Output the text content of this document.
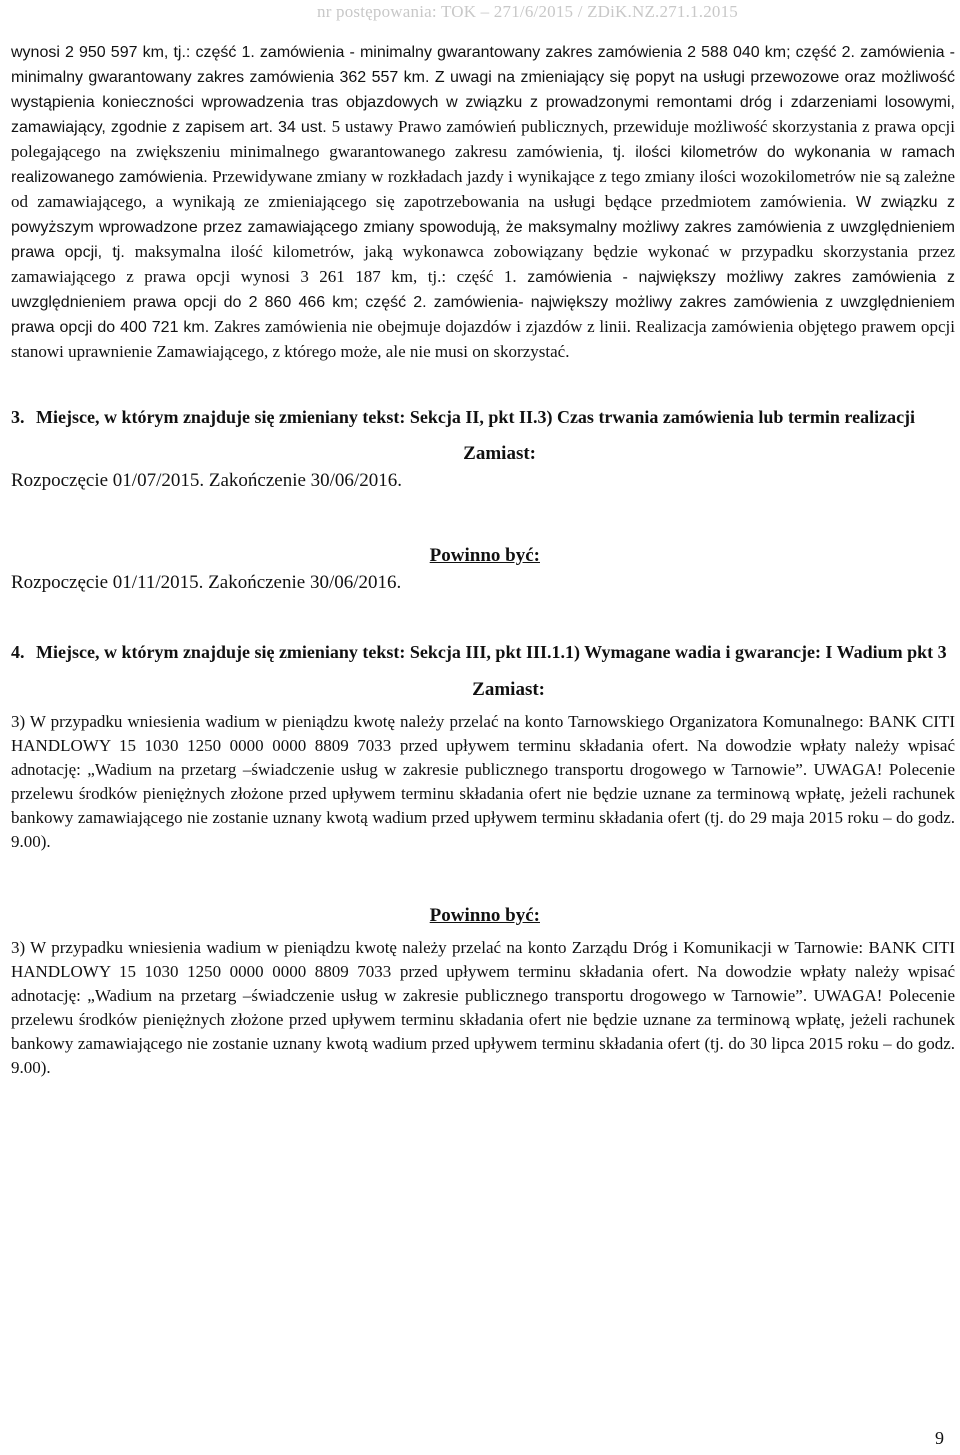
nr postępowania: TOK – 271/6/2015 / ZDiK.NZ.271.1.2015

wynosi 2 950 597 km, tj.: część 1. zamówienia - minimalny gwarantowany zakres zamówienia 2 588 040 km; część 2. zamówienia - minimalny gwarantowany zakres zamówienia 362 557 km. Z uwagi na zmieniający się popyt na usługi przewozowe oraz możliwość wystąpienia konieczności wprowadzenia tras objazdowych w związku z prowadzonymi remontami dróg i zdarzeniami losowymi, zamawiający, zgodnie z zapisem art. 34 ust. 5 ustawy Prawo zamówień publicznych, przewiduje możliwość skorzystania z prawa opcji polegającego na zwiększeniu minimalnego gwarantowanego zakresu zamówienia, tj. ilości kilometrów do wykonania w ramach realizowanego zamówienia. Przewidywane zmiany w rozkładach jazdy i wynikające z tego zmiany ilości wozokilometrów nie są zależne od zamawiającego, a wynikają ze zmieniającego się zapotrzebowania na usługi będące przedmiotem zamówienia. W związku z powyższym wprowadzone przez zamawiającego zmiany spowodują, że maksymalny możliwy zakres zamówienia z uwzględnieniem prawa opcji, tj. maksymalna ilość kilometrów, jaką wykonawca zobowiązany będzie wykonać w przypadku skorzystania przez zamawiającego z prawa opcji wynosi 3 261 187 km, tj.: część 1. zamówienia - największy możliwy zakres zamówienia z uwzględnieniem prawa opcji do 2 860 466 km; część 2. zamówienia- największy możliwy zakres zamówienia z uwzględnieniem prawa opcji do 400 721 km. Zakres zamówienia nie obejmuje dojazdów i zjazdów z linii. Realizacja zamówienia objętego prawem opcji stanowi uprawnienie Zamawiającego, z którego może, ale nie musi on skorzystać.

3. Miejsce, w którym znajduje się zmieniany tekst: Sekcja II, pkt II.3) Czas trwania zamówienia lub termin realizacji
Zamiast:
Rozpoczęcie 01/07/2015. Zakończenie 30/06/2016.
Powinno być:
Rozpoczęcie 01/11/2015. Zakończenie 30/06/2016.
4. Miejsce, w którym znajduje się zmieniany tekst: Sekcja III, pkt III.1.1) Wymagane wadia i gwarancje: I Wadium pkt 3
Zamiast:

3) W przypadku wniesienia wadium w pieniądzu kwotę należy przelać na konto Tarnowskiego Organizatora Komunalnego: BANK CITI HANDLOWY 15 1030 1250 0000 0000 8809 7033 przed upływem terminu składania ofert. Na dowodzie wpłaty należy wpisać adnotację: „Wadium na przetarg –świadczenie usług w zakresie publicznego transportu drogowego w Tarnowie”. UWAGA! Polecenie przelewu środków pieniężnych złożone przed upływem terminu składania ofert nie będzie uznane za terminową wpłatę, jeżeli rachunek bankowy zamawiającego nie zostanie uznany kwotą wadium przed upływem terminu składania ofert (tj. do 29 maja 2015 roku – do godz. 9.00).

Powinno być:

3) W przypadku wniesienia wadium w pieniądzu kwotę należy przelać na konto Zarządu Dróg i Komunikacji w Tarnowie: BANK CITI HANDLOWY 15 1030 1250 0000 0000 8809 7033 przed upływem terminu składania ofert. Na dowodzie wpłaty należy wpisać adnotację: „Wadium na przetarg –świadczenie usług w zakresie publicznego transportu drogowego w Tarnowie”. UWAGA! Polecenie przelewu środków pieniężnych złożone przed upływem terminu składania ofert nie będzie uznane za terminową wpłatę, jeżeli rachunek bankowy zamawiającego nie zostanie uznany kwotą wadium przed upływem terminu składania ofert (tj. do 30 lipca 2015 roku – do godz. 9.00).

9
